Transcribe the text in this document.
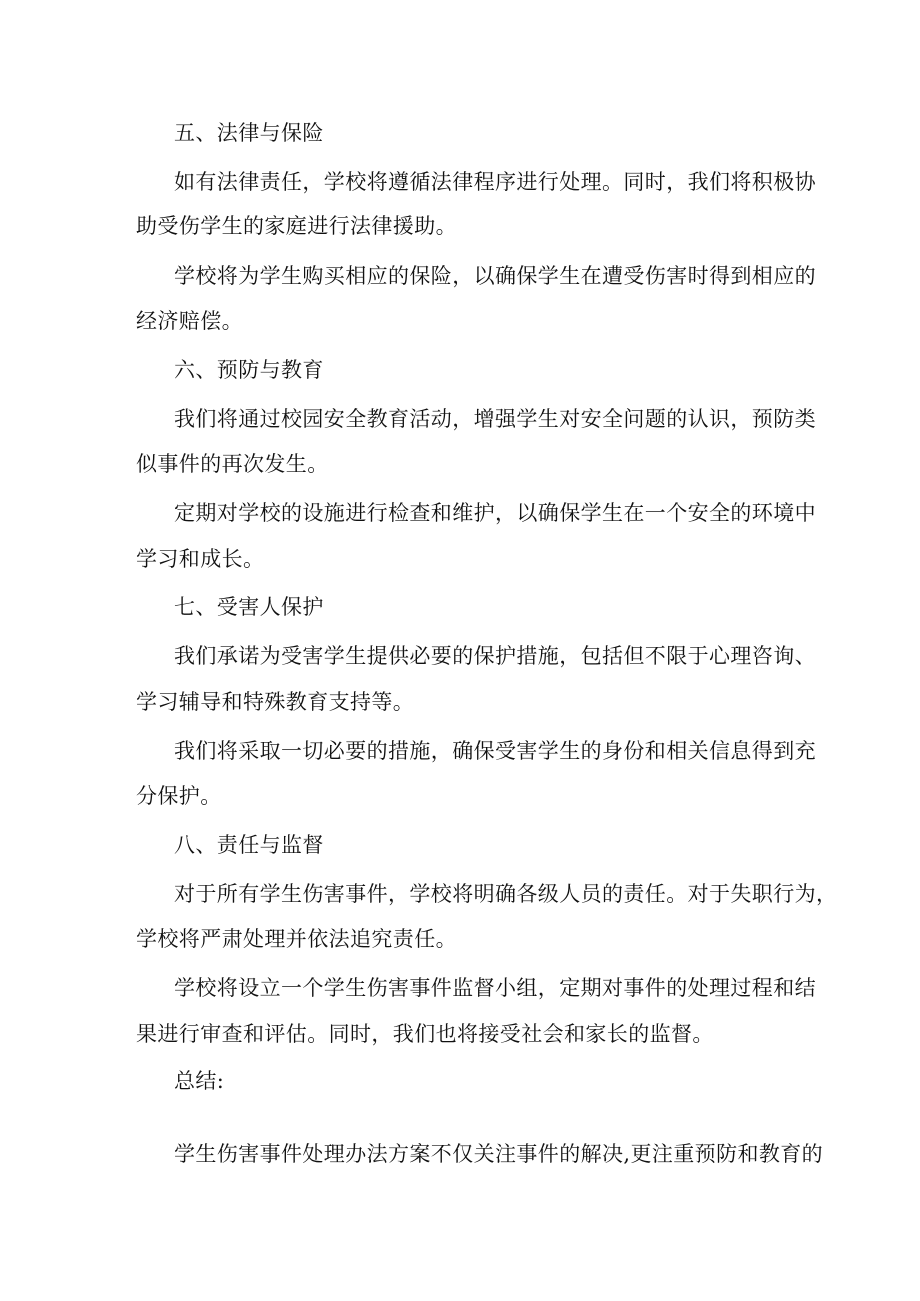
五、法律与保险
如有法律责任，学校将遵循法律程序进行处理。同时，我们将积极协
助受伤学生的家庭进行法律援助。
学校将为学生购买相应的保险，以确保学生在遭受伤害时得到相应的
经济赔偿。
六、预防与教育
我们将通过校园安全教育活动，增强学生对安全问题的认识，预防类
似事件的再次发生。
定期对学校的设施进行检查和维护，以确保学生在一个安全的环境中
学习和成长。
七、受害人保护
我们承诺为受害学生提供必要的保护措施，包括但不限于心理咨询、
学习辅导和特殊教育支持等。
我们将采取一切必要的措施，确保受害学生的身份和相关信息得到充
分保护。
八、责任与监督
对于所有学生伤害事件，学校将明确各级人员的责任。对于失职行为，
学校将严肃处理并依法追究责任。
学校将设立一个学生伤害事件监督小组，定期对事件的处理过程和结
果进行审查和评估。同时，我们也将接受社会和家长的监督。
总结:
学生伤害事件处理办法方案不仅关注事件的解决,更注重预防和教育的
